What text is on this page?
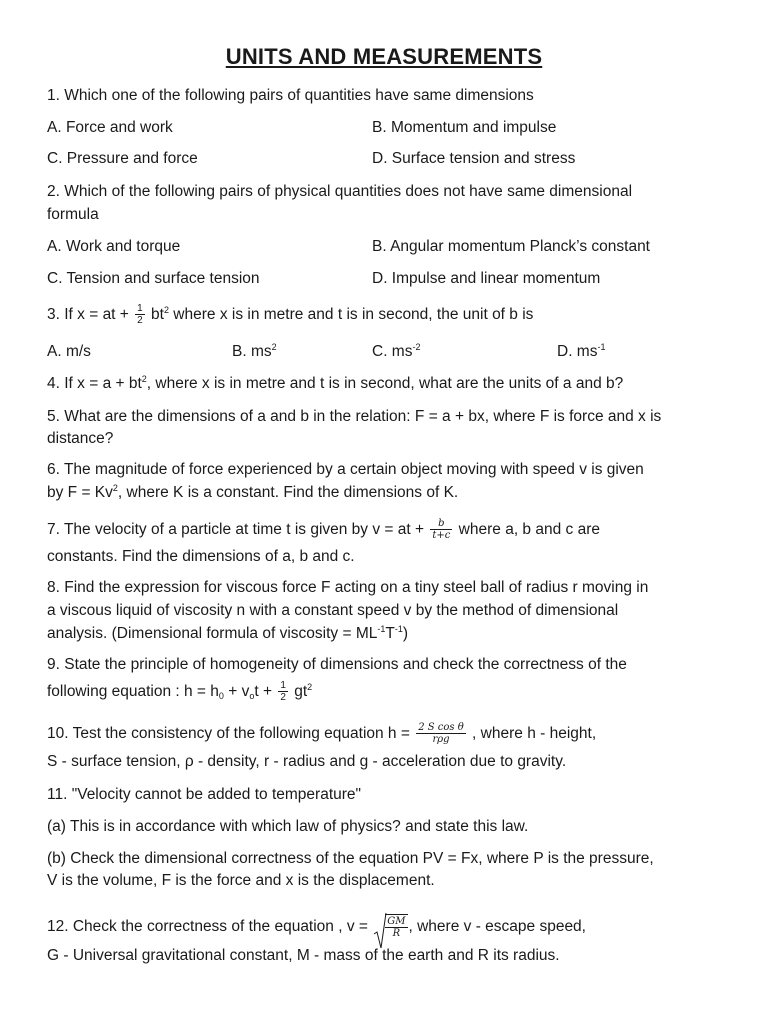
UNITS AND MEASUREMENTS
1. Which one of the following pairs of quantities have same dimensions
A. Force and work	B. Momentum and impulse
C. Pressure and force	D. Surface tension and stress
2. Which of the following pairs of physical quantities does not have same dimensional
formula
A. Work and torque	B. Angular momentum Planck’s constant
C. Tension and surface tension	D. Impulse and linear momentum
3. If x = at + $\frac{1}{2} bt^2$ where x is in metre and t is in second, the unit of b is
A. m/s	B. $ms^2$	C. $ms^{-2}$	D. $ms^{-1}$
4. If $x = a + bt^2$, where x is in metre and t is in second, what are the units of a and b?
5. What are the dimensions of a and b in the relation: F = a + bx, where F is force and x is
distance?
6. The magnitude of force experienced by a certain object moving with speed v is given
by $F = Kv^2$, where K is a constant. Find the dimensions of K.
7. The velocity of a particle at time t is given by v = at + $\frac{b}{t+c}$ where a, b and c are
constants. Find the dimensions of a, b and c.
8. Find the expression for viscous force F acting on a tiny steel ball of radius r moving in
a viscous liquid of viscosity n with a constant speed v by the method of dimensional
analysis. (Dimensional formula of viscosity = $ML^{-1}T^{-1}$)
9. State the principle of homogeneity of dimensions and check the correctness of the
following equation : $h = h_0 + v_ot + \frac{1}{2} gt^2$
10. Test the consistency of the following equation $h = \frac{\text{2 S cos θ}}{\text{rρg}}$ , where h - height,
S - surface tension, ρ - density, r - radius and g - acceleration due to gravity.
11. "Velocity cannot be added to temperature"
(a) This is in accordance with which law of physics? and state this law.
(b) Check the dimensional correctness of the equation PV = Fx, where P is the pressure,
V is the volume, F is the force and x is the displacement.
12. Check the correctness of the equation , $v = \frac{GM}{R}$ , where v - escape speed,
G - Universal gravitational constant, M - mass of the earth and R its radius.
